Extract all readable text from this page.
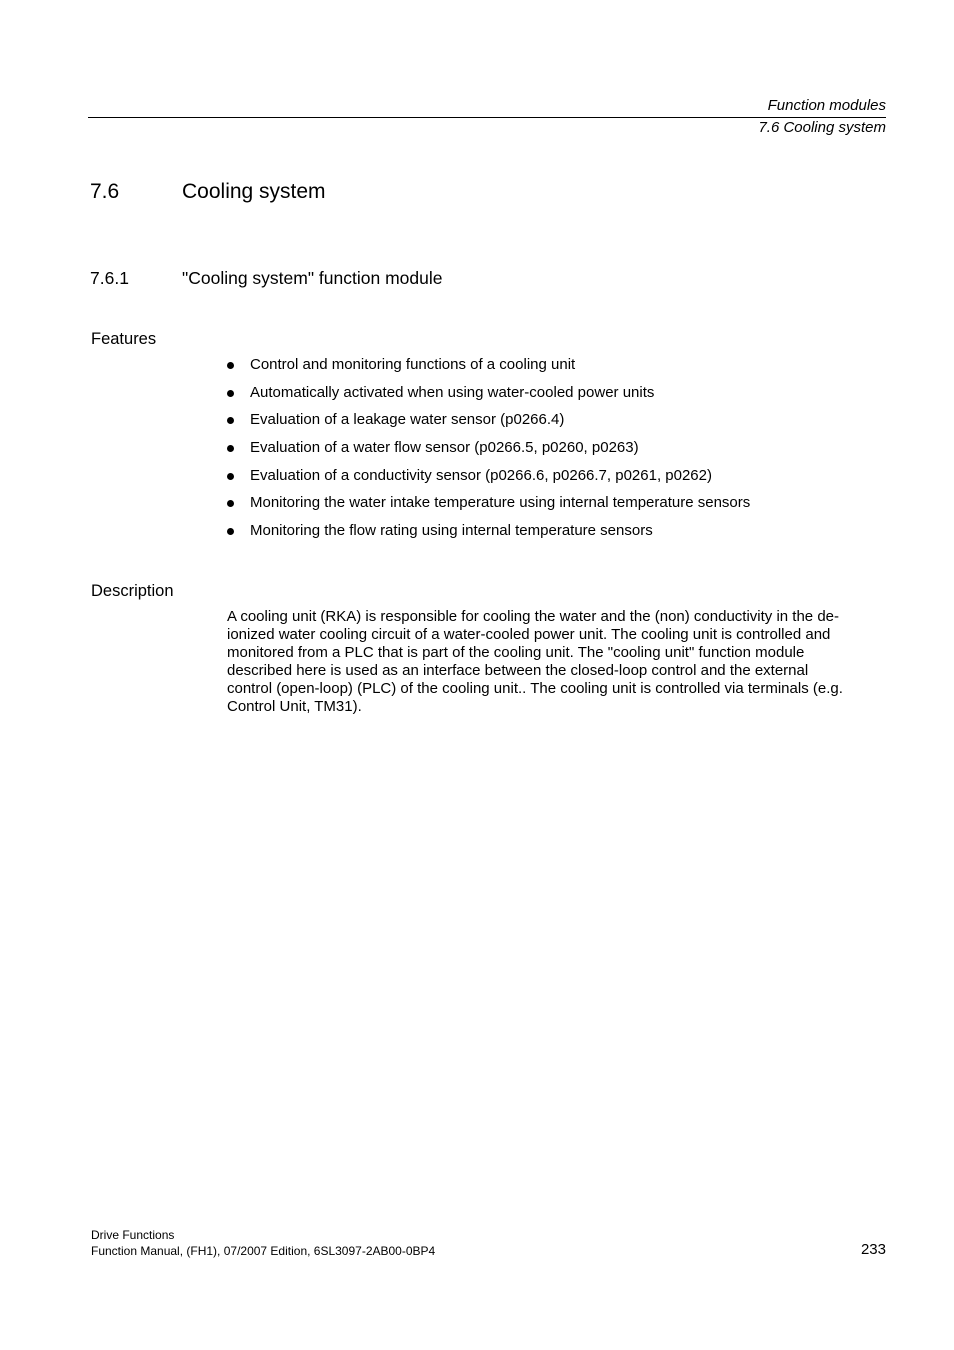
Function modules
7.6 Cooling system
7.6	Cooling system
7.6.1	"Cooling system" function module
Features
Control and monitoring functions of a cooling unit
Automatically activated when using water-cooled power units
Evaluation of a leakage water sensor (p0266.4)
Evaluation of a water flow sensor (p0266.5, p0260, p0263)
Evaluation of a conductivity sensor (p0266.6, p0266.7, p0261, p0262)
Monitoring the water intake temperature using internal temperature sensors
Monitoring the flow rating using internal temperature sensors
Description

A cooling unit (RKA) is responsible for cooling the water and the (non) conductivity in the de-
ionized water cooling circuit of a water-cooled power unit. The cooling unit is controlled and
monitored from a PLC that is part of the cooling unit. The "cooling unit" function module
described here is used as an interface between the closed-loop control and the external
control (open-loop) (PLC) of the cooling unit.. The cooling unit is controlled via terminals (e.g.
Control Unit, TM31).

Drive Functions
Function Manual, (FH1), 07/2007 Edition, 6SL3097-2AB00-0BP4	233
